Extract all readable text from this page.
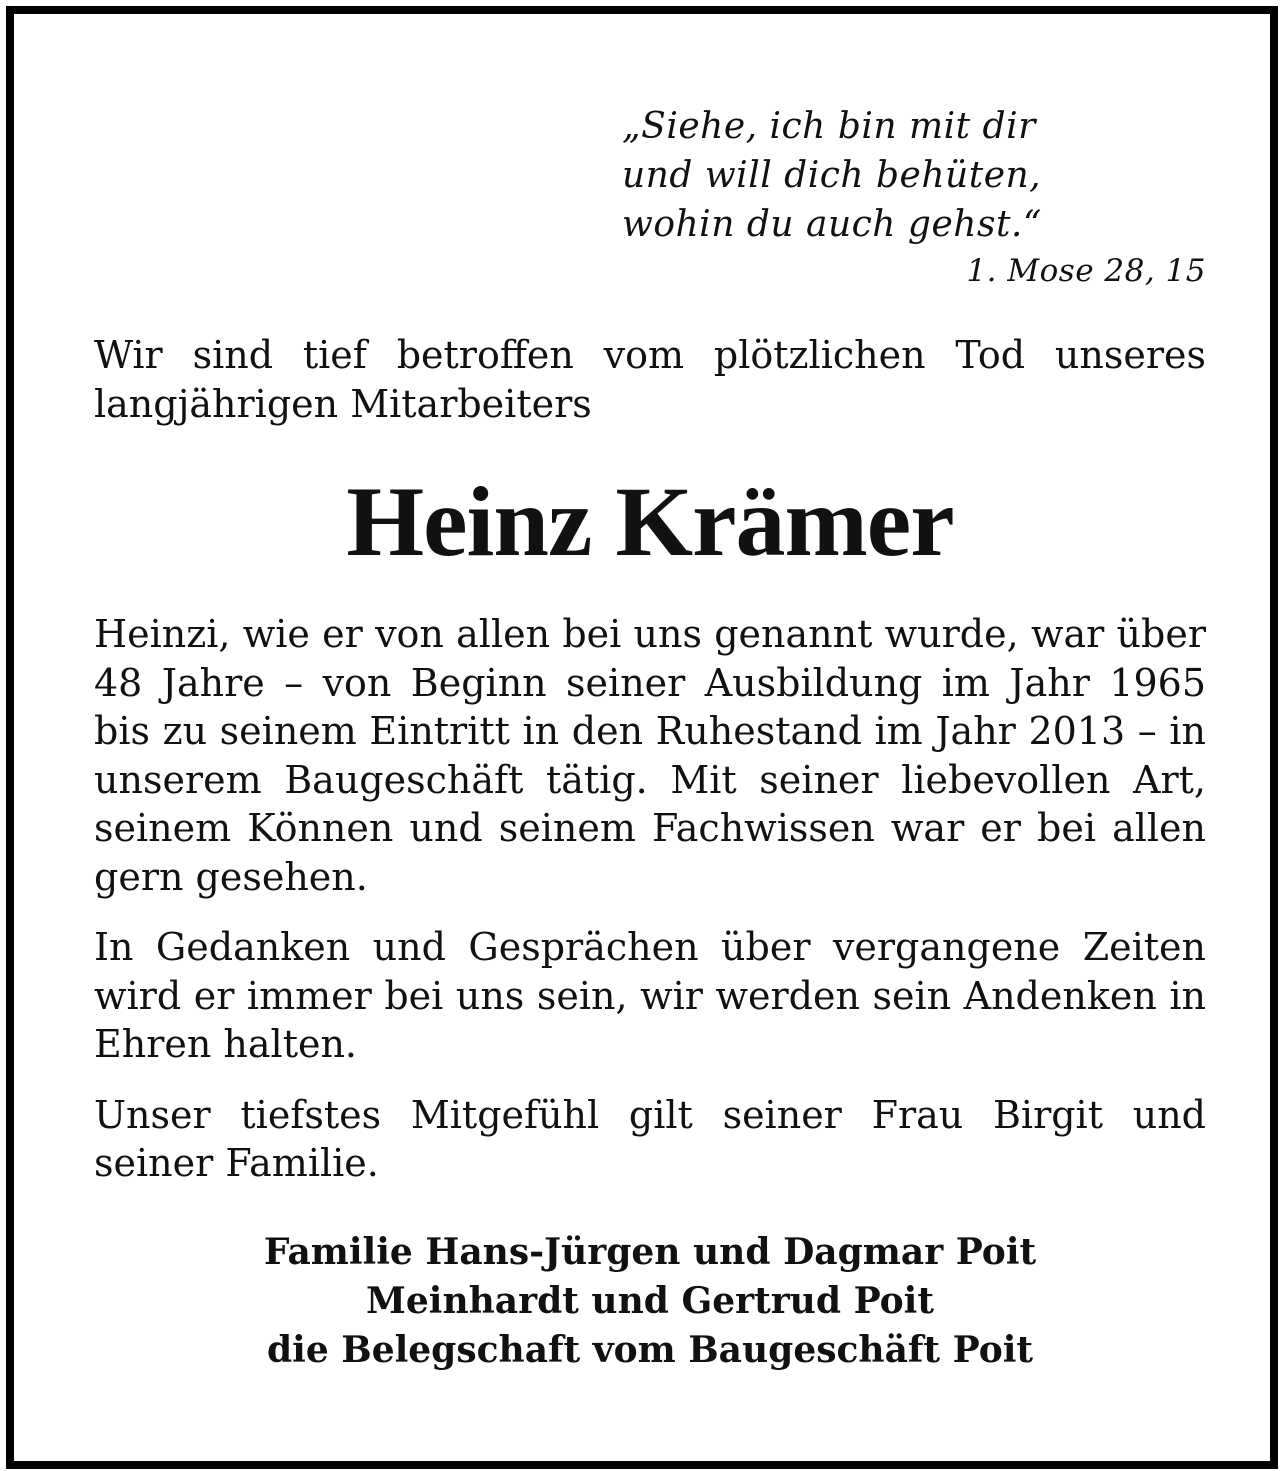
„Siehe, ich bin mit dir
und will dich behüten,
wohin du auch gehst.“
1. Mose 28, 15

Wir sind tief betroffen vom plötzlichen Tod unseres langjährigen Mitarbeiters

Heinz Krämer

Heinzi, wie er von allen bei uns genannt wurde, war über 48 Jahre – von Beginn seiner Ausbildung im Jahr 1965 bis zu seinem Eintritt in den Ruhestand im Jahr 2013 – in unserem Baugeschäft tätig. Mit seiner liebevollen Art, seinem Können und seinem Fachwissen war er bei allen gern gesehen.

In Gedanken und Gesprächen über vergangene Zeiten wird er immer bei uns sein, wir werden sein Andenken in Ehren halten.

Unser tiefstes Mitgefühl gilt seiner Frau Birgit und seiner Familie.

Familie Hans-Jürgen und Dagmar Poit
Meinhardt und Gertrud Poit
die Belegschaft vom Baugeschäft Poit
